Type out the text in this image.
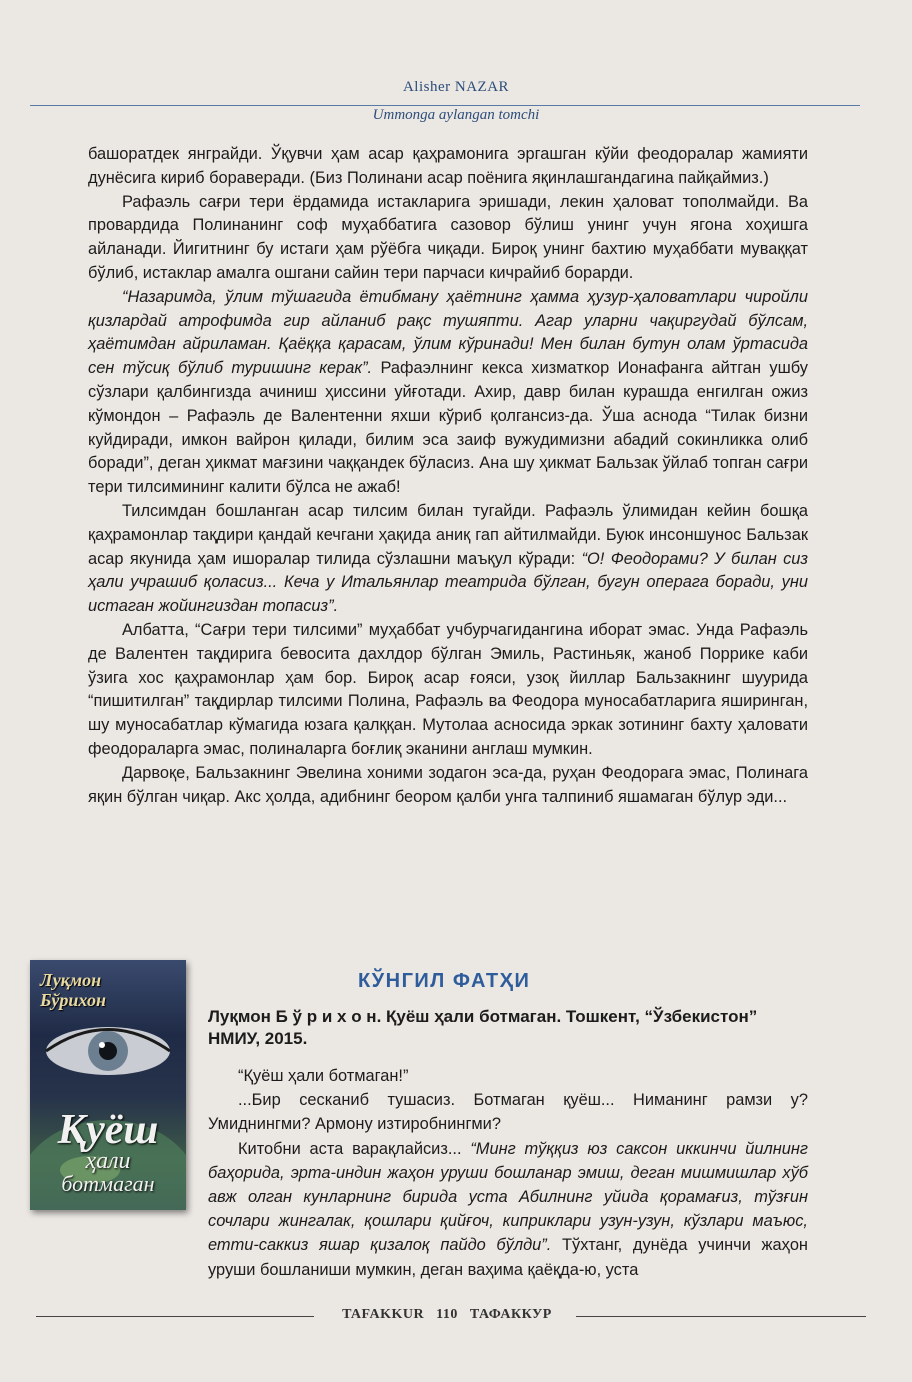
Alisher NAZAR
Ummonga aylangan tomchi

башоратдек янграйди. Ўқувчи ҳам асар қаҳрамонига эргашган кўйи феодоралар жамияти дунёсига кириб бораверади. (Биз Полинани асар поёнига яқинлашгандагина пайқаймиз.)

Рафаэль сағри тери ёрдамида истакларига эришади, лекин ҳаловат тополмайди. Ва провардида Полинанинг соф муҳаббатига сазовор бўлиш унинг учун ягона хоҳишга айланади. Йигитнинг бу истаги ҳам рўёбга чиқади. Бироқ унинг бахтию муҳаббати муваққат бўлиб, истаклар амалга ошгани сайин тери парчаси кичрайиб борарди.

“Назаримда, ўлим тўшагида ётибману ҳаётнинг ҳамма ҳузур-ҳаловатлари чиройли қизлардай атрофимда гир айланиб рақс тушяпти. Агар уларни чақиргудай бўлсам, ҳаётимдан айриламан. Қаёққа қарасам, ўлим кўринади! Мен билан бутун олам ўртасида сен тўсиқ бўлиб туришинг керак”. Рафаэлнинг кекса хизматкор Ионафанга айтган ушбу сўзлари қалбингизда ачиниш ҳиссини уйғотади. Ахир, давр билан курашда енгилган ожиз кўмондон – Рафаэль де Валентенни яхши кўриб қолгансиз-да. Ўша аснода “Тилак бизни куйдиради, имкон вайрон қилади, билим эса заиф вужудимизни абадий сокинликка олиб боради”, деган ҳикмат мағзини чаққандек бўласиз. Ана шу ҳикмат Бальзак ўйлаб топган сағри тери тилсимининг калити бўлса не ажаб!

Тилсимдан бошланган асар тилсим билан тугайди. Рафаэль ўлимидан кейин бошқа қаҳрамонлар тақдири қандай кечгани ҳақида аниқ гап айтилмайди. Буюк инсоншунос Бальзак асар якунида ҳам ишоралар тилида сўзлашни маъқул кўради: “О! Феодорами? У билан сиз ҳали учрашиб қоласиз... Кеча у Итальянлар театрида бўлган, бугун операга боради, уни истаган жойингиздан топасиз”.

Албатта, “Сағри тери тилсими” муҳаббат учбурчагидангина иборат эмас. Унда Рафаэль де Валентен тақдирига бевосита дахлдор бўлган Эмиль, Растиньяк, жаноб Поррике каби ўзига хос қаҳрамонлар ҳам бор. Бироқ асар ғояси, узоқ йиллар Бальзакнинг шуурида “пишитилган” тақдирлар тилсими Полина, Рафаэль ва Феодора муносабатларига яширинган, шу муносабатлар кўмагида юзага қалққан. Мутолаа асносида эркак зотининг бахту ҳаловати феодораларга эмас, полиналарга боғлиқ эканини англаш мумкин.

Дарвоқе, Бальзакнинг Эвелина хоними зодагон эса-да, руҳан Феодорага эмас, Полинага яқин бўлган чиқар. Акс ҳолда, адибнинг беором қалби унга талпиниб яшамаган бўлур эди...

Луқмон
Бўрихон
Қуёш
ҳали
ботмаган
КЎНГИЛ ФАТҲИ
Луқмон Б ў р и х о н. Қуёш ҳали ботмаган. Тошкент, “Ўзбекистон” НМИУ, 2015.

“Қуёш ҳали ботмаган!”

...Бир сесканиб тушасиз. Ботмаган қуёш... Ниманинг рамзи у? Умиднингми? Армону изтиробнингми?

Китобни аста варақлайсиз... “Минг тўққиз юз саксон иккинчи йилнинг баҳорида, эрта-индин жаҳон уруши бошланар эмиш, деган мишмишлар хўб авж олган кунларнинг бирида уста Абилнинг уйида қорамағиз, тўзғин сочлари жингалак, қошлари қийғоч, киприклари узун-узун, кўзлари маъюс, етти-саккиз яшар қизалоқ пайдо бўлди”. Тўхтанг, дунёда учинчи жаҳон уруши бошланиши мумкин, деган ваҳима қаёқда-ю, уста

TAFAKKUR 110 ТАФАККУР
